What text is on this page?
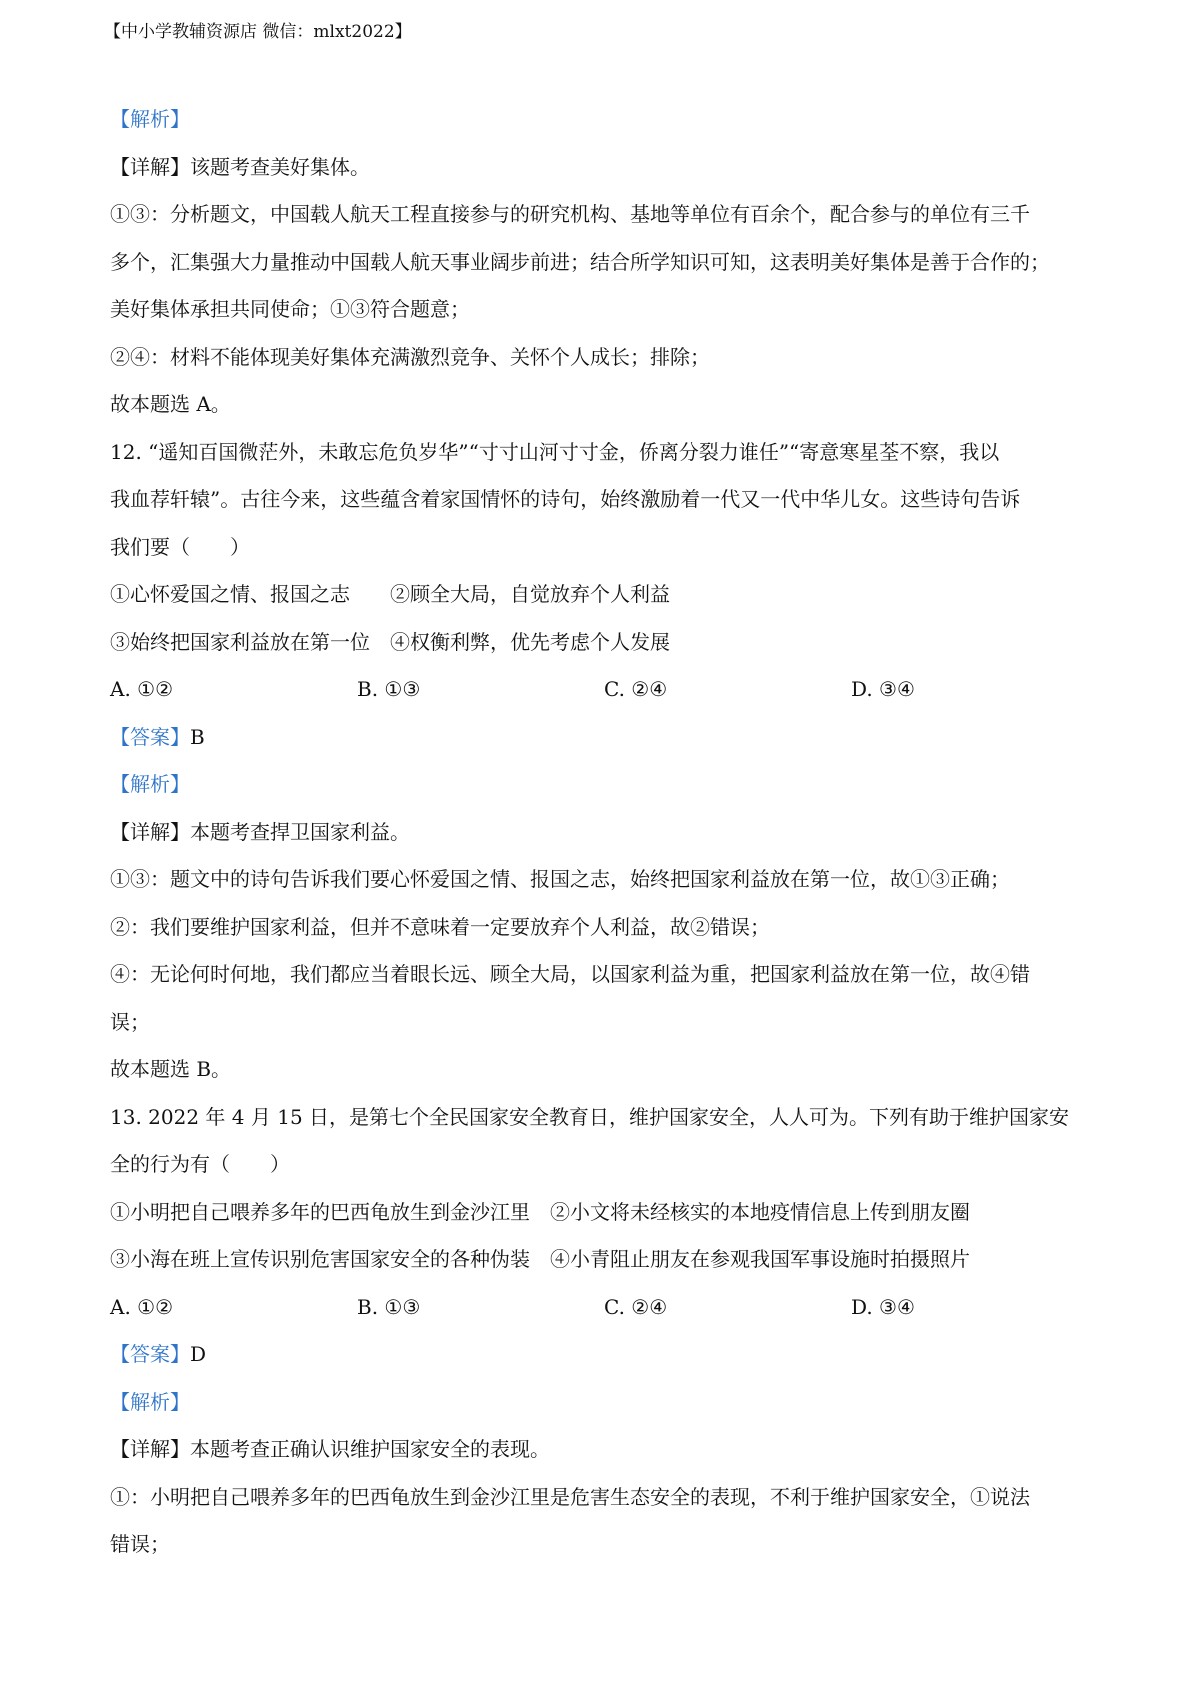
【中小学教辅资源店 微信：mlxt2022】
【解析】
【详解】该题考查美好集体。
①③：分析题文，中国载人航天工程直接参与的研究机构、基地等单位有百余个，配合参与的单位有三千
多个，汇集强大力量推动中国载人航天事业阔步前进；结合所学知识可知，这表明美好集体是善于合作的；
美好集体承担共同使命；①③符合题意；
②④：材料不能体现美好集体充满激烈竞争、关怀个人成长；排除；
故本题选 A。
12. “遥知百国微茫外，未敢忘危负岁华”“寸寸山河寸寸金，侨离分裂力谁任”“寄意寒星荃不察，我以
我血荐轩辕”。古往今来，这些蕴含着家国情怀的诗句，始终激励着一代又一代中华儿女。这些诗句告诉
我们要（　　）
①心怀爱国之情、报国之志　　②顾全大局，自觉放弃个人利益
③始终把国家利益放在第一位　④权衡利弊，优先考虑个人发展
A. ①②	B. ①③	C. ②④	D. ③④
【答案】B
【解析】
【详解】本题考查捍卫国家利益。
①③：题文中的诗句告诉我们要心怀爱国之情、报国之志，始终把国家利益放在第一位，故①③正确；
②：我们要维护国家利益，但并不意味着一定要放弃个人利益，故②错误；
④：无论何时何地，我们都应当着眼长远、顾全大局，以国家利益为重，把国家利益放在第一位，故④错
误；
故本题选 B。
13. 2022 年 4 月 15 日，是第七个全民国家安全教育日，维护国家安全，人人可为。下列有助于维护国家安
全的行为有（　　）
①小明把自己喂养多年的巴西龟放生到金沙江里　②小文将未经核实的本地疫情信息上传到朋友圈
③小海在班上宣传识别危害国家安全的各种伪装　④小青阻止朋友在参观我国军事设施时拍摄照片
A. ①②	B. ①③	C. ②④	D. ③④
【答案】D
【解析】
【详解】本题考查正确认识维护国家安全的表现。
①：小明把自己喂养多年的巴西龟放生到金沙江里是危害生态安全的表现，不利于维护国家安全，①说法
错误；
